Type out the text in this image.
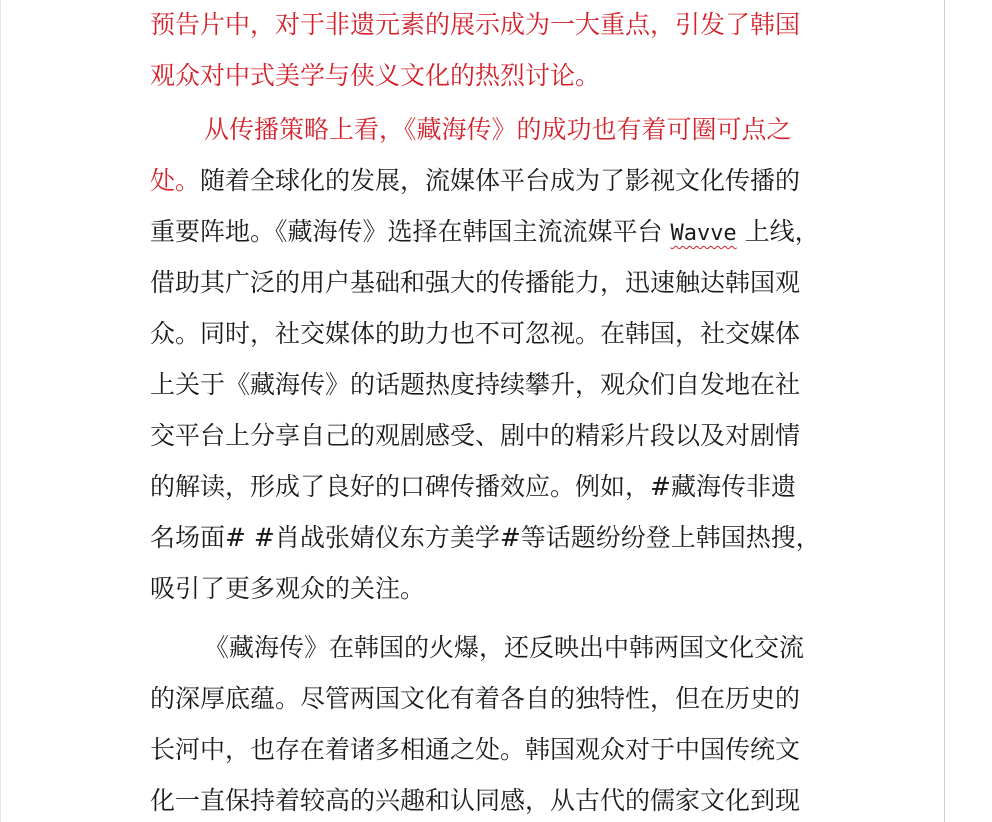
预告片中，对于非遗元素的展示成为一大重点，引发了韩国
观众对中式美学与侠义文化的热烈讨论。
从传播策略上看，《藏海传》的成功也有着可圈可点之
处。随着全球化的发展，流媒体平台成为了影视文化传播的
重要阵地。《藏海传》选择在韩国主流流媒平台 Wavve 上线，
借助其广泛的用户基础和强大的传播能力，迅速触达韩国观
众。同时，社交媒体的助力也不可忽视。在韩国，社交媒体
上关于《藏海传》的话题热度持续攀升，观众们自发地在社
交平台上分享自己的观剧感受、剧中的精彩片段以及对剧情
的解读，形成了良好的口碑传播效应。例如，#藏海传非遗
名场面# #肖战张婧仪东方美学#等话题纷纷登上韩国热搜，
吸引了更多观众的关注。
《藏海传》在韩国的火爆，还反映出中韩两国文化交流
的深厚底蕴。尽管两国文化有着各自的独特性，但在历史的
长河中，也存在着诸多相通之处。韩国观众对于中国传统文
化一直保持着较高的兴趣和认同感，从古代的儒家文化到现
